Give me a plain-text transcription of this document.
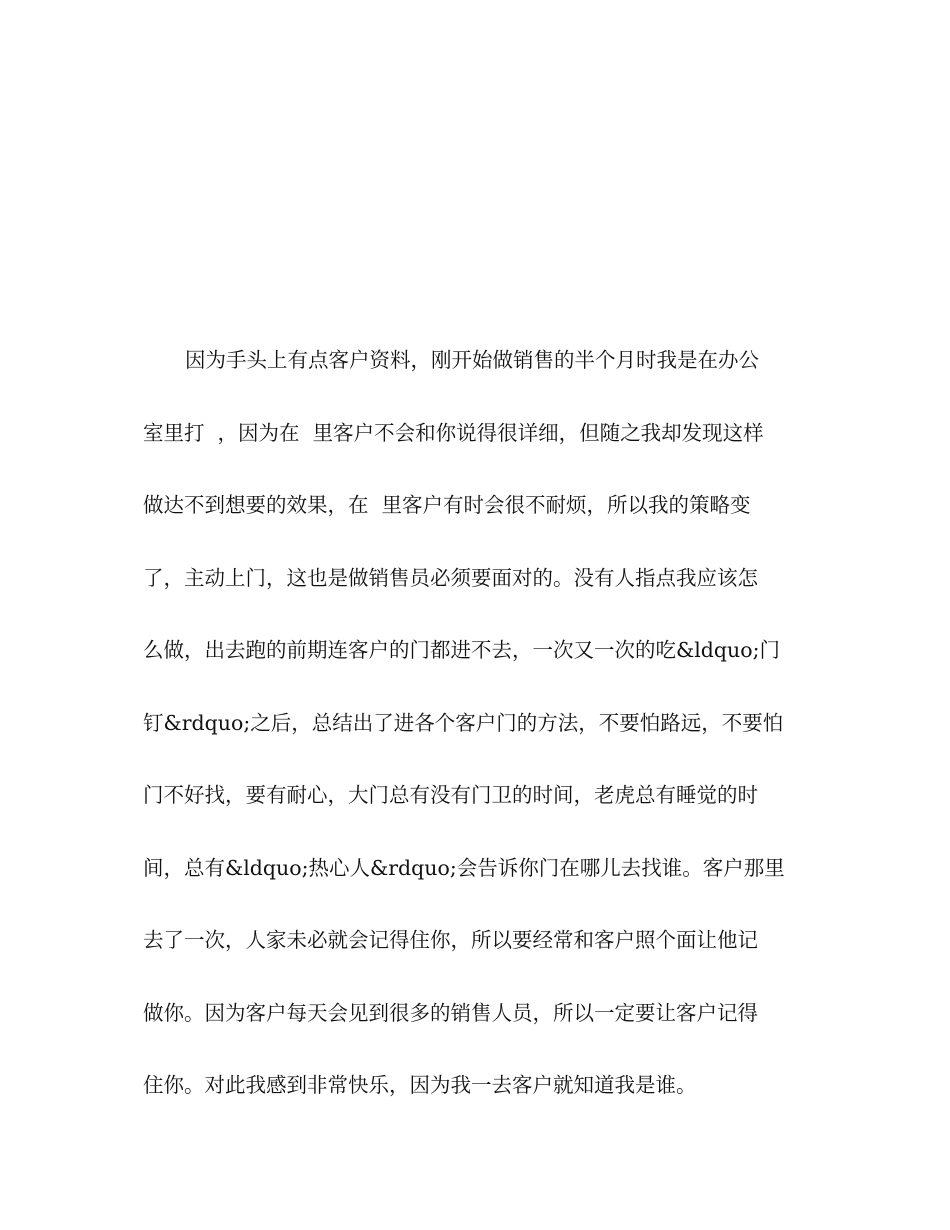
因为手头上有点客户资料，刚开始做销售的半个月时我是在办公
室里打  ，因为在  里客户不会和你说得很详细，但随之我却发现这样
做达不到想要的效果，在  里客户有时会很不耐烦，所以我的策略变
了，主动上门，这也是做销售员必须要面对的。没有人指点我应该怎
么做，出去跑的前期连客户的门都进不去，一次又一次的吃&ldquo;门
钉&rdquo;之后，总结出了进各个客户门的方法，不要怕路远，不要怕
门不好找，要有耐心，大门总有没有门卫的时间，老虎总有睡觉的时
间，总有&ldquo;热心人&rdquo;会告诉你门在哪儿去找谁。客户那里
去了一次，人家未必就会记得住你，所以要经常和客户照个面让他记
做你。因为客户每天会见到很多的销售人员，所以一定要让客户记得
住你。对此我感到非常快乐，因为我一去客户就知道我是谁。
